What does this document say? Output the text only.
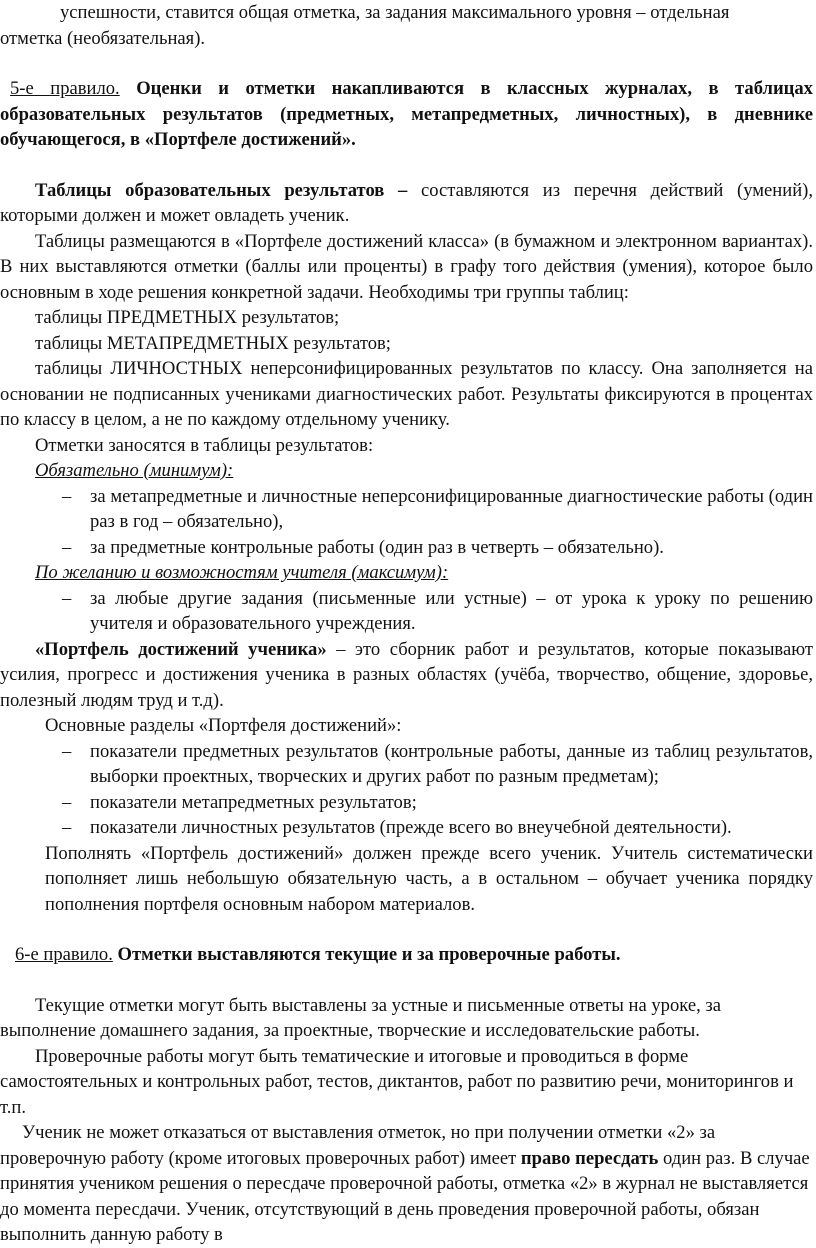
успешности, ставится общая отметка, за задания максимального уровня – отдельная

отметка (необязательная).

5-е правило. Оценки и отметки накапливаются в классных журналах, в таблицах образовательных результатов (предметных, метапредметных, личностных), в дневнике обучающегося, в «Портфеле достижений».

Таблицы образовательных результатов – составляются из перечня действий (умений), которыми должен и может овладеть ученик.

Таблицы размещаются в «Портфеле достижений класса» (в бумажном и электронном вариантах). В них выставляются отметки (баллы или проценты) в графу того действия (умения), которое было основным в ходе решения конкретной задачи. Необходимы три группы таблиц:

таблицы ПРЕДМЕТНЫХ результатов;

таблицы МЕТАПРЕДМЕТНЫХ результатов;

таблицы ЛИЧНОСТНЫХ неперсонифицированных результатов по классу. Она заполняется на основании не подписанных учениками диагностических работ. Результаты фиксируются в процентах по классу в целом, а не по каждому отдельному ученику.

Отметки заносятся в таблицы результатов:

Обязательно (минимум):

– за метапредметные и личностные неперсонифицированные диагностические работы (один раз в год – обязательно),
– за предметные контрольные работы (один раз в четверть – обязательно).

По желанию и возможностям учителя (максимум):

– за любые другие задания (письменные или устные) – от урока к уроку по решению учителя и образовательного учреждения.

«Портфель достижений ученика» – это сборник работ и результатов, которые показывают усилия, прогресс и достижения ученика в разных областях (учёба, творчество, общение, здоровье, полезный людям труд и т.д).

Основные разделы «Портфеля достижений»:

– показатели предметных результатов (контрольные работы, данные из таблиц результатов, выборки проектных, творческих и других работ по разным предметам);
– показатели метапредметных результатов;
– показатели личностных результатов (прежде всего во внеучебной деятельности).

Пополнять «Портфель достижений» должен прежде всего ученик. Учитель систематически пополняет лишь небольшую обязательную часть, а в остальном – обучает ученика порядку пополнения портфеля основным набором материалов.

6-е правило. Отметки выставляются текущие и за проверочные работы.

Текущие отметки могут быть выставлены за устные и письменные ответы на уроке, за выполнение домашнего задания, за проектные, творческие и исследовательские работы.

Проверочные работы могут быть тематические и итоговые и проводиться в форме самостоятельных и контрольных работ, тестов, диктантов, работ по развитию речи, мониторингов и т.п.

Ученик не может отказаться от выставления отметок, но при получении отметки «2» за проверочную работу (кроме итоговых проверочных работ) имеет право пересдать один раз. В случае принятия учеником решения о пересдаче проверочной работы, отметка «2» в журнал не выставляется до момента пересдачи. Ученик, отсутствующий в день проведения проверочной работы, обязан выполнить данную работу в
